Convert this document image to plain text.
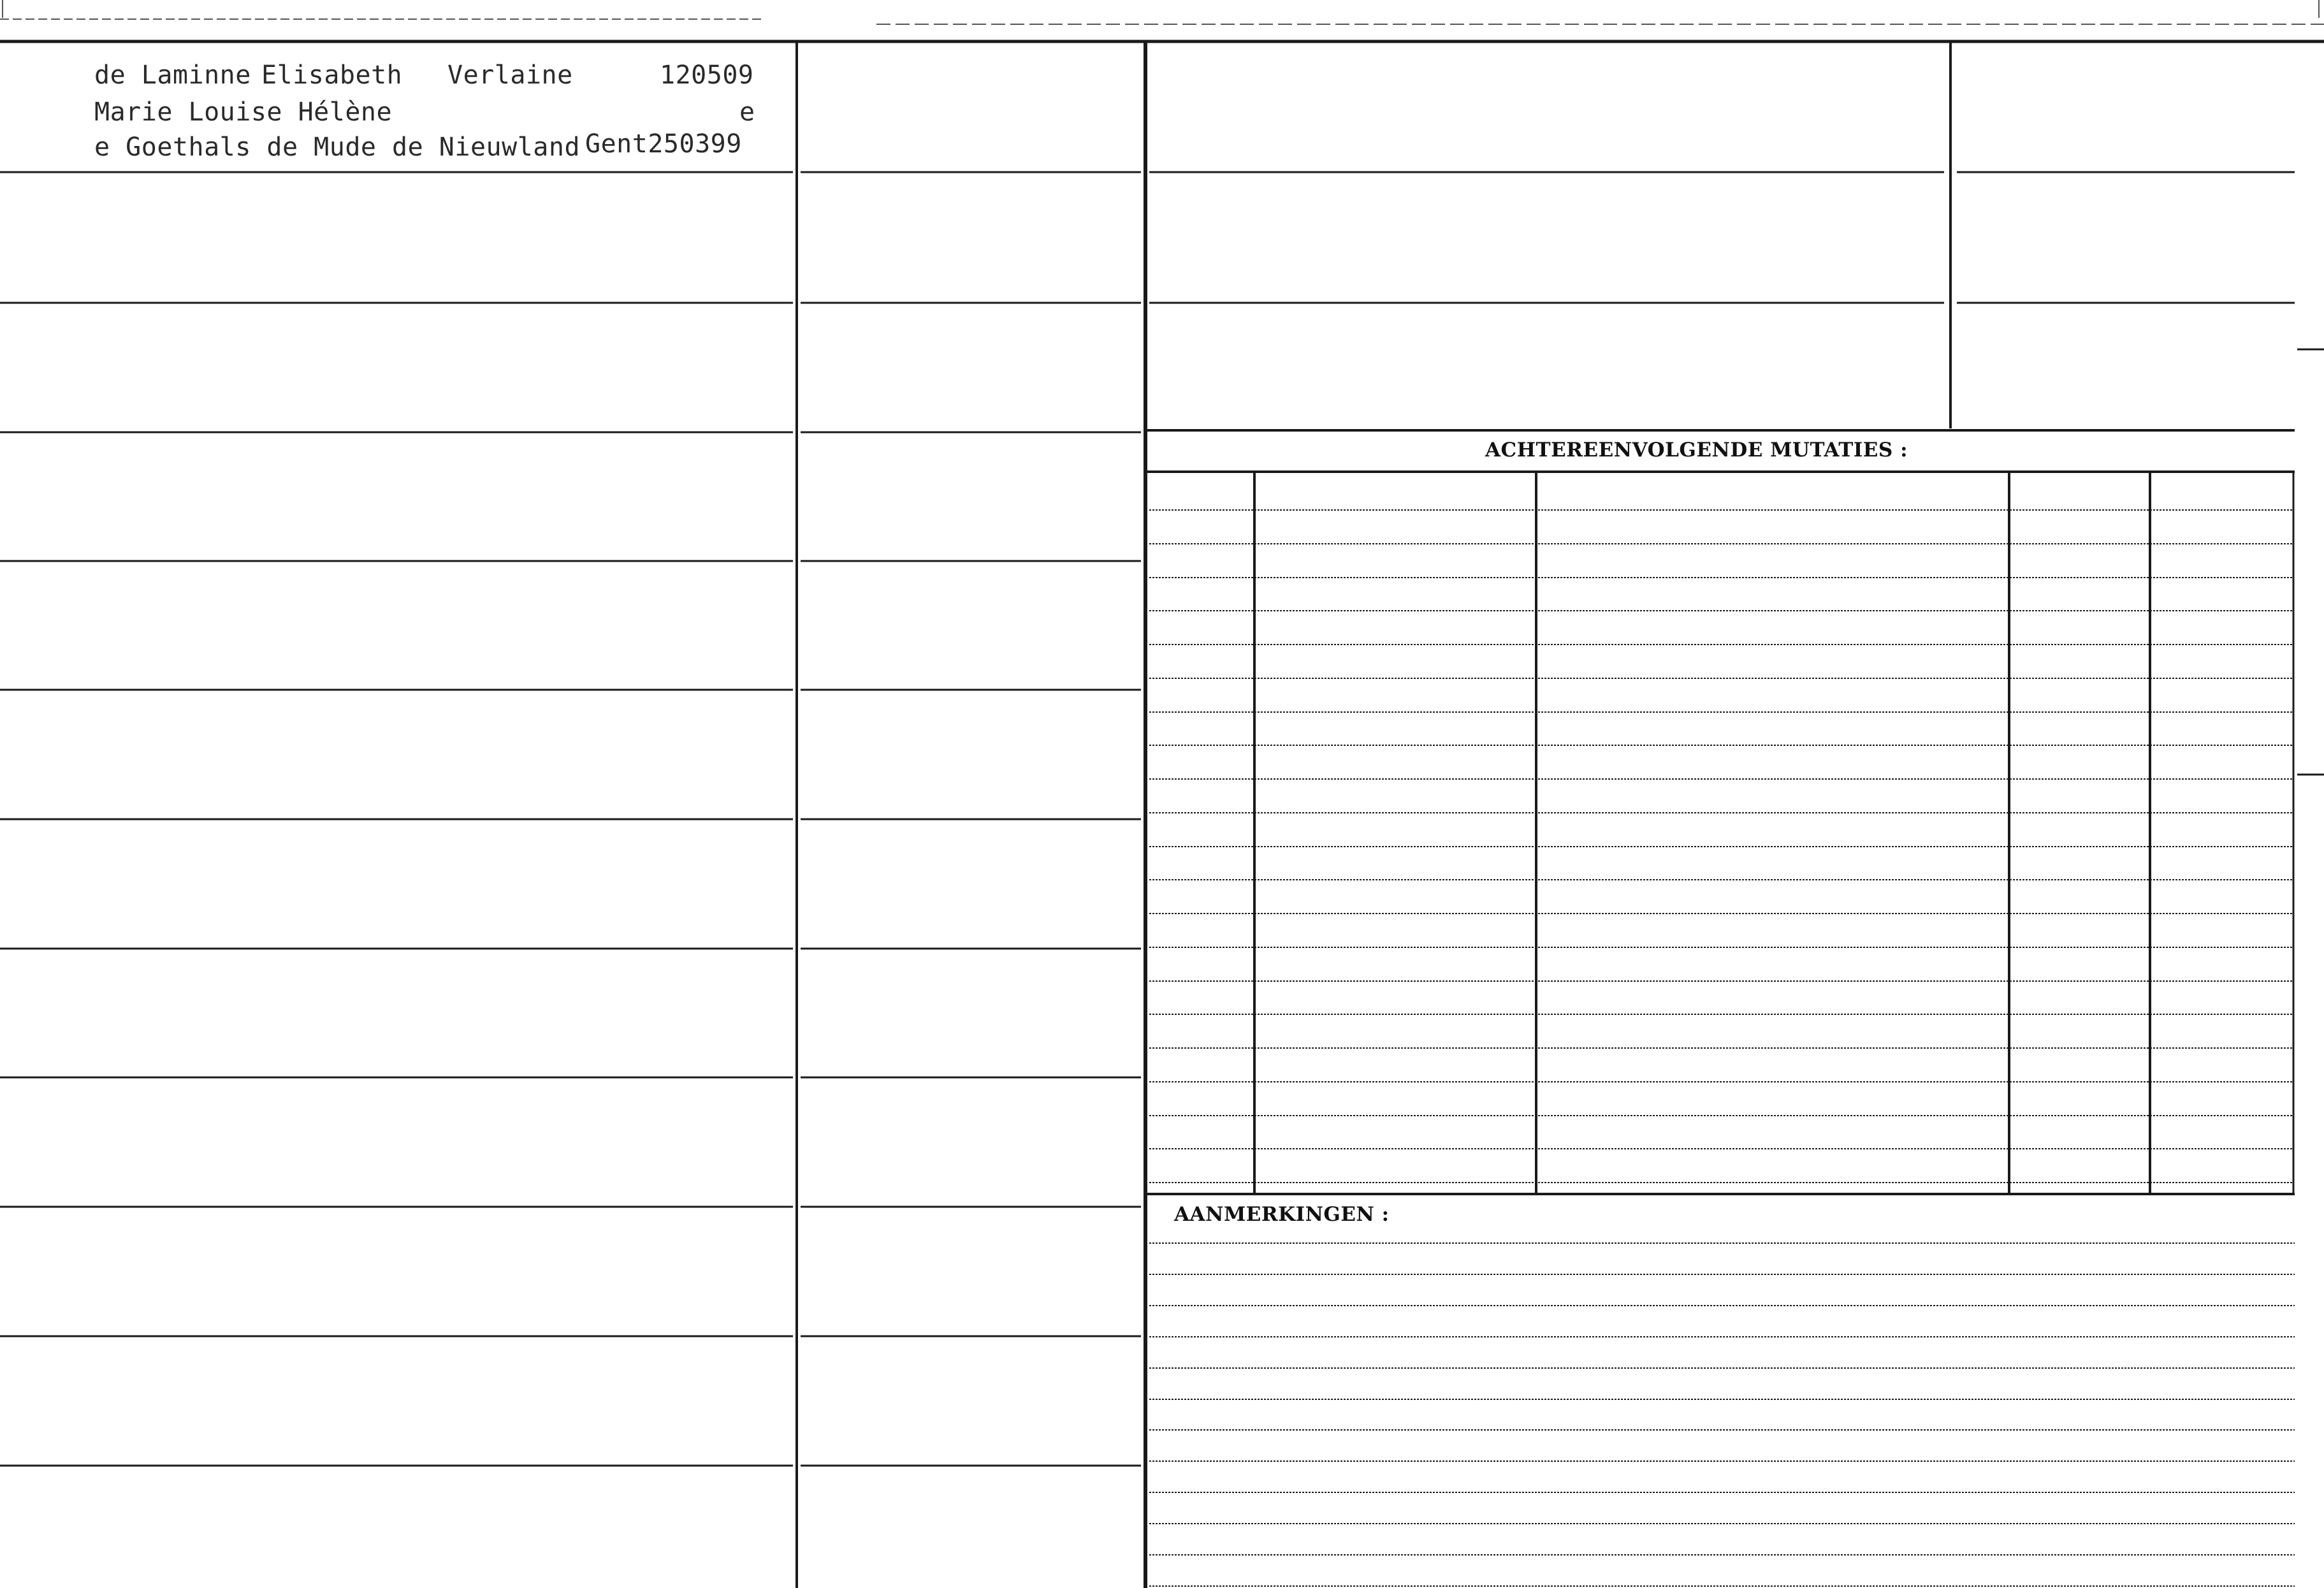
de Laminne Elisabeth Verlaine	120509
Marie Louise Hélène	e
e Goethals de Mude de Nieuwland Gent250399
ACHTEREENVOLGENDE MUTATIES :
AANMERKINGEN :
